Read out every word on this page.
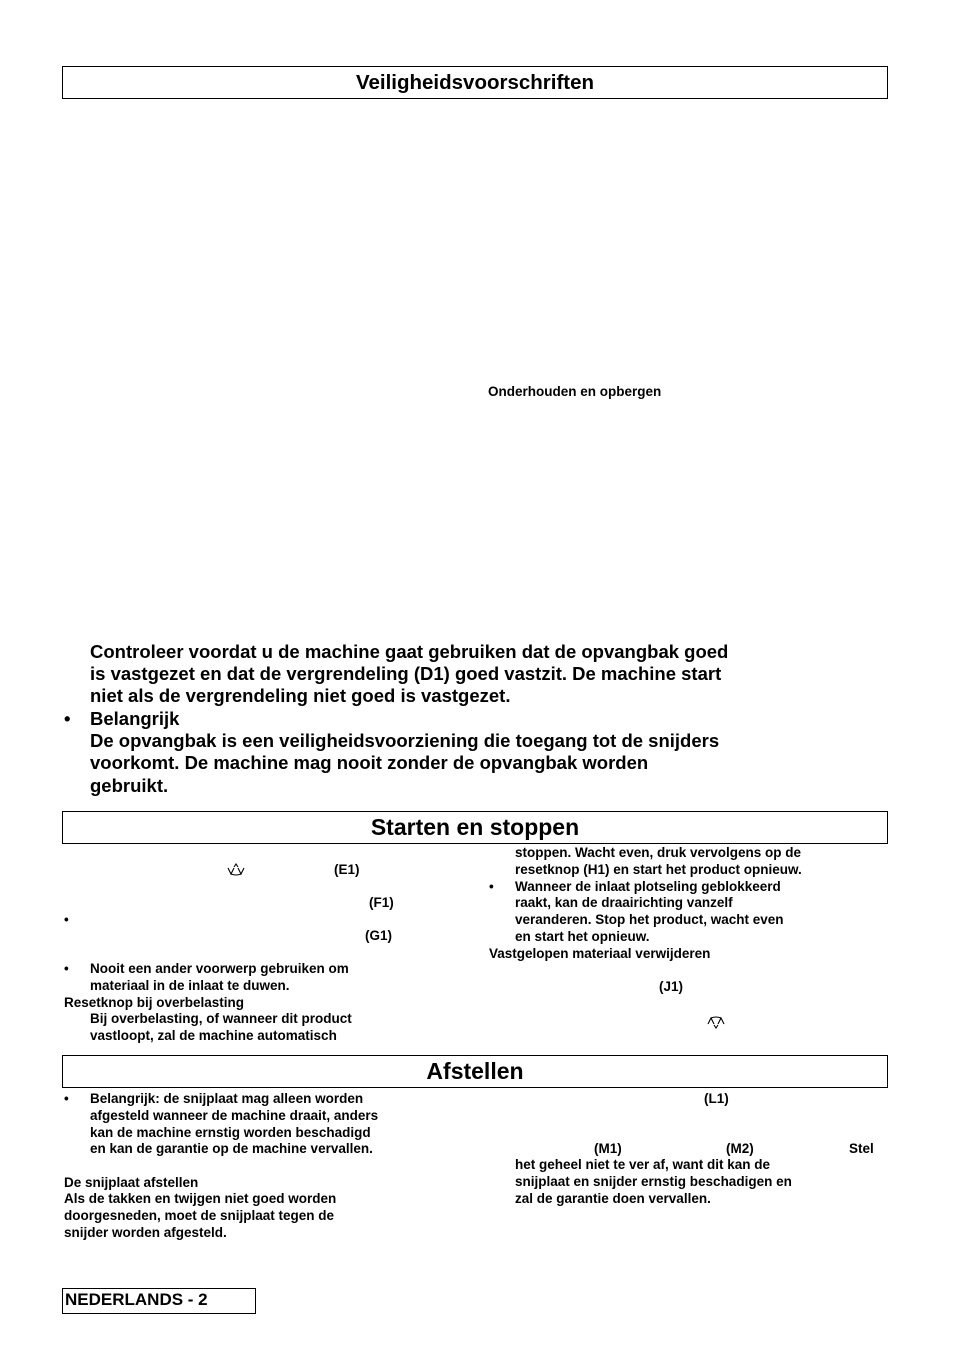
Veiligheidsvoorschriften
Onderhouden en opbergen
Controleer voordat u de machine gaat gebruiken dat de opvangbak goed
is vastgezet en dat de vergrendeling (D1) goed vastzit. De machine start
niet als de vergrendeling niet goed is vastgezet.
• Belangrijk
De opvangbak is een veiligheidsvoorziening die toegang tot de snijders
voorkomt. De machine mag nooit zonder de opvangbak worden
gebruikt.
Starten en stoppen
(E1)
(F1)
•
(G1)
• Nooit een ander voorwerp gebruiken om
materiaal in de inlaat te duwen.
Resetknop bij overbelasting
Bij overbelasting, of wanneer dit product
vastloopt, zal de machine automatisch
stoppen. Wacht even, druk vervolgens op de
resetknop (H1) en start het product opnieuw.
• Wanneer de inlaat plotseling geblokkeerd
raakt, kan de draairichting vanzelf
veranderen. Stop het product, wacht even
en start het opnieuw.
Vastgelopen materiaal verwijderen
(J1)
Afstellen
• Belangrijk: de snijplaat mag alleen worden
afgesteld wanneer de machine draait, anders
kan de machine ernstig worden beschadigd
en kan de garantie op de machine vervallen.
De snijplaat afstellen
Als de takken en twijgen niet goed worden
doorgesneden, moet de snijplaat tegen de
snijder worden afgesteld.
(L1)
(M1)	(M2)	Stel
het geheel niet te ver af, want dit kan de
snijplaat en snijder ernstig beschadigen en
zal de garantie doen vervallen.
NEDERLANDS - 2
